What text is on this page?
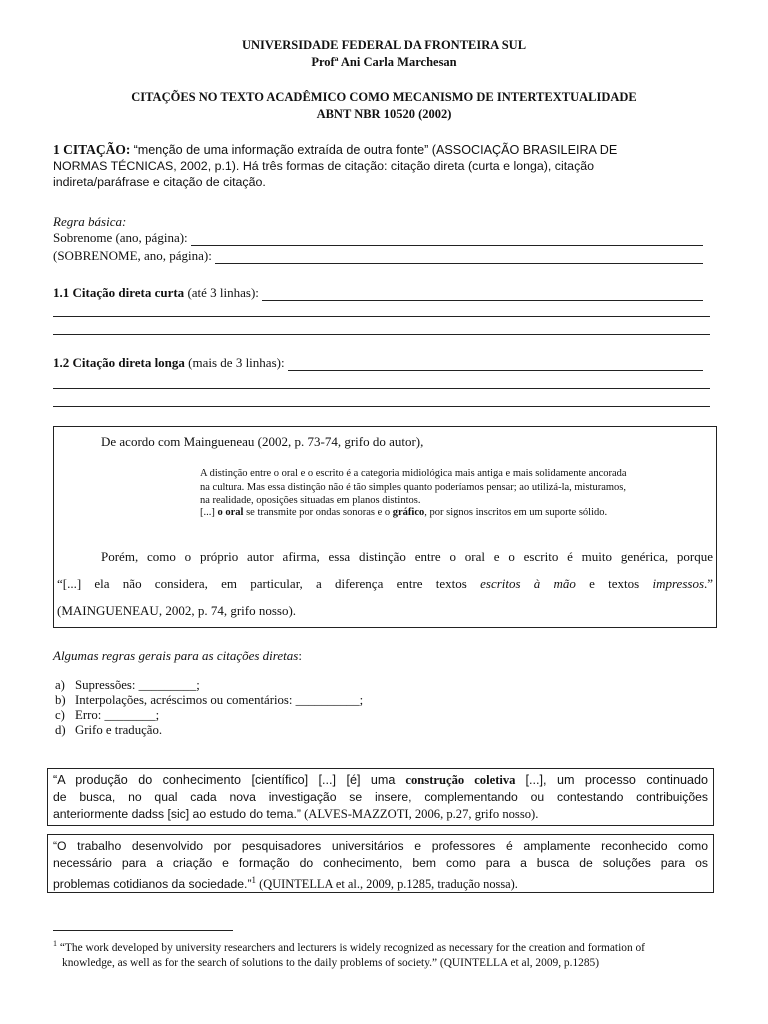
UNIVERSIDADE FEDERAL DA FRONTEIRA SUL
Profª Ani Carla Marchesan
CITAÇÕES NO TEXTO ACADÊMICO COMO MECANISMO DE INTERTEXTUALIDADE
ABNT NBR 10520 (2002)
1 CITAÇÃO: “menção de uma informação extraída de outra fonte” (ASSOCIAÇÃO BRASILEIRA DE
NORMAS TÉCNICAS, 2002, p.1). Há três formas de citação: citação direta (curta e longa), citação
indireta/paráfrase e citação de citação.
Regra básica:
Sobrenome (ano, página):
(SOBRENOME, ano, página):
1.1 Citação direta curta
(até 3 linhas):
1.2 Citação direta longa
(mais de 3 linhas):
De acordo com Maingueneau (2002, p. 73-74, grifo do autor),
A distinção entre o oral e o escrito é a categoria midiológica mais antiga e mais solidamente ancorada
na cultura. Mas essa distinção não é tão simples quanto poderíamos pensar; ao utilizá-la, misturamos,
na realidade, oposições situadas em planos distintos.
[...] o oral se transmite por ondas sonoras e o gráfico, por signos inscritos em um suporte sólido.
Porém, como o próprio autor afirma, essa distinção entre o oral e o escrito é muito genérica, porque
“[...] ela não considera, em particular, a diferença entre textos escritos à mão e textos impressos.”
(MAINGUENEAU, 2002, p. 74, grifo nosso).
Algumas regras gerais para as citações diretas:
a) Supressões: _________;
b) Interpolações, acréscimos ou comentários: __________;
c) Erro: ________;
d) Grifo e tradução.
“A produção do conhecimento [científico] [...] [é] uma construção coletiva [...], um processo continuado
de busca, no qual cada nova investigação se insere, complementando ou contestando contribuições
anteriormente dadss [sic] ao estudo do tema.” (ALVES-MAZZOTI, 2006, p.27, grifo nosso).
“O trabalho desenvolvido por pesquisadores universitários e professores é amplamente reconhecido como
necessário para a criação e formação do conhecimento, bem como para a busca de soluções para os
problemas cotidianos da sociedade.”$^1$ (QUINTELLA et al., 2009, p.1285, tradução nossa).
$^1$ “The work developed by university researchers and lecturers is widely recognized as necessary for the creation and formation of
knowledge, as well as for the search of solutions to the daily problems of society.” (QUINTELLA et al, 2009, p.1285)
